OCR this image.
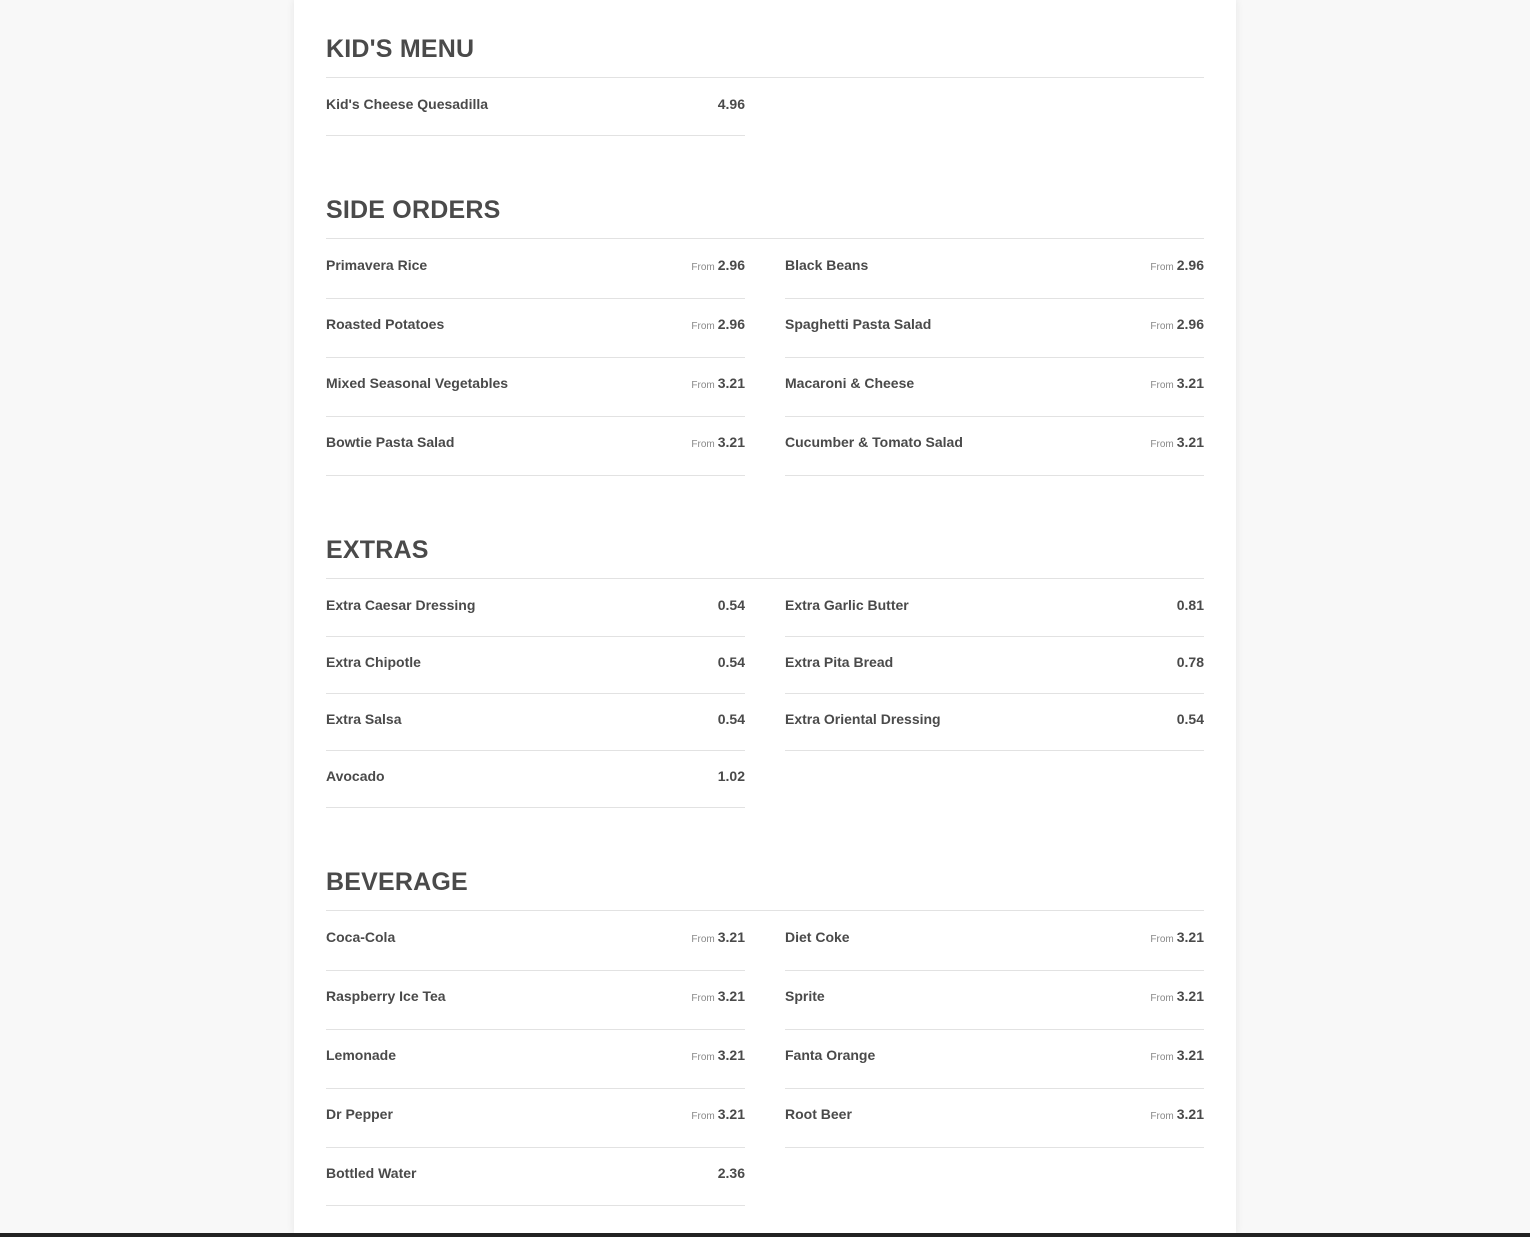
KID'S MENU
Kid's Cheese Quesadilla	4.96
SIDE ORDERS
Primavera Rice	From 2.96	Black Beans	From 2.96
Roasted Potatoes	From 2.96	Spaghetti Pasta Salad	From 2.96
Mixed Seasonal Vegetables	From 3.21	Macaroni & Cheese	From 3.21
Bowtie Pasta Salad	From 3.21	Cucumber & Tomato Salad	From 3.21
EXTRAS
Extra Caesar Dressing	0.54	Extra Garlic Butter	0.81
Extra Chipotle	0.54	Extra Pita Bread	0.78
Extra Salsa	0.54	Extra Oriental Dressing	0.54
Avocado	1.02
BEVERAGE
Coca-Cola	From 3.21	Diet Coke	From 3.21
Raspberry Ice Tea	From 3.21	Sprite	From 3.21
Lemonade	From 3.21	Fanta Orange	From 3.21
Dr Pepper	From 3.21	Root Beer	From 3.21
Bottled Water	2.36
